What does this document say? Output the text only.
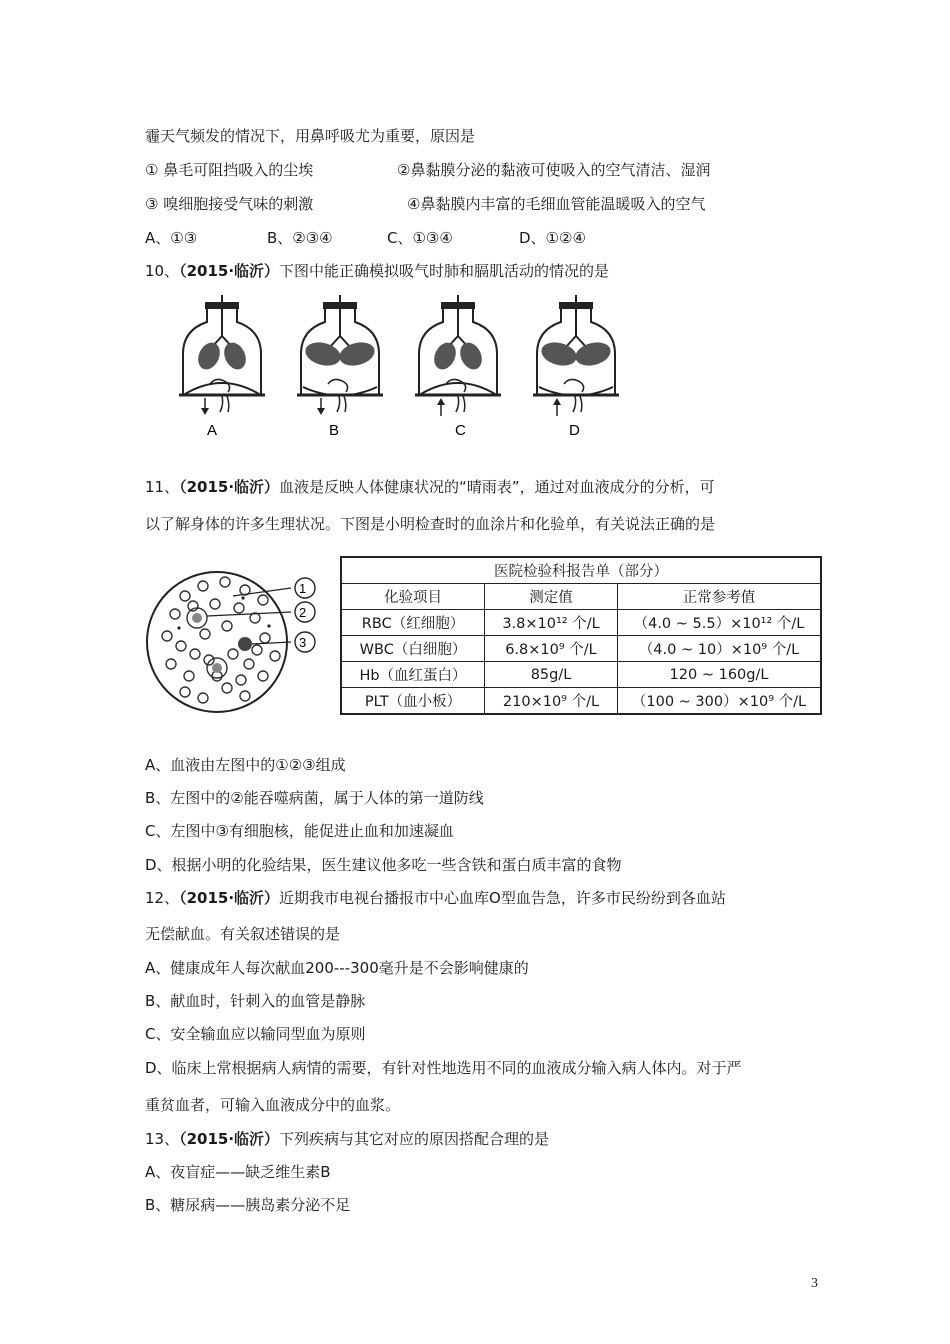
霾天气频发的情况下，用鼻呼吸尤为重要，原因是
① 鼻毛可阻挡吸入的尘埃	②鼻黏膜分泌的黏液可使吸入的空气清洁、湿润
③ 嗅细胞接受气味的刺激	④鼻黏膜内丰富的毛细血管能温暖吸入的空气
A、①③	B、②③④	C、①③④	D、①②④
10、（2015·临沂）下图中能正确模拟吸气时肺和膈肌活动的情况的是
A	B	C	D
11、（2015·临沂）血液是反映人体健康状况的“晴雨表”，通过对血液成分的分析，可
以了解身体的许多生理状况。下图是小明检查时的血涂片和化验单，有关说法正确的是
1
2
3
医院检验科报告单（部分）		
化验项目	测定值	正常参考值
RBC（红细胞）	3.8×10¹² 个/L	（4.0 ~ 5.5）×10¹² 个/L
WBC（白细胞）	6.8×10⁹ 个/L	（4.0 ~ 10）×10⁹ 个/L
Hb（血红蛋白）	85g/L	120 ~ 160g/L
PLT（血小板）	210×10⁹ 个/L	（100 ~ 300）×10⁹ 个/L
A、血液由左图中的①②③组成
B、左图中的②能吞噬病菌，属于人体的第一道防线
C、左图中③有细胞核，能促进止血和加速凝血
D、根据小明的化验结果，医生建议他多吃一些含铁和蛋白质丰富的食物
12、（2015·临沂）近期我市电视台播报市中心血库O型血告急，许多市民纷纷到各血站
无偿献血。有关叙述错误的是
A、健康成年人每次献血200---300毫升是不会影响健康的
B、献血时，针刺入的血管是静脉
C、安全输血应以输同型血为原则
D、临床上常根据病人病情的需要，有针对性地选用不同的血液成分输入病人体内。对于严
重贫血者，可输入血液成分中的血浆。
13、（2015·临沂）下列疾病与其它对应的原因搭配合理的是
A、夜盲症——缺乏维生素B
B、糖尿病——胰岛素分泌不足
3
